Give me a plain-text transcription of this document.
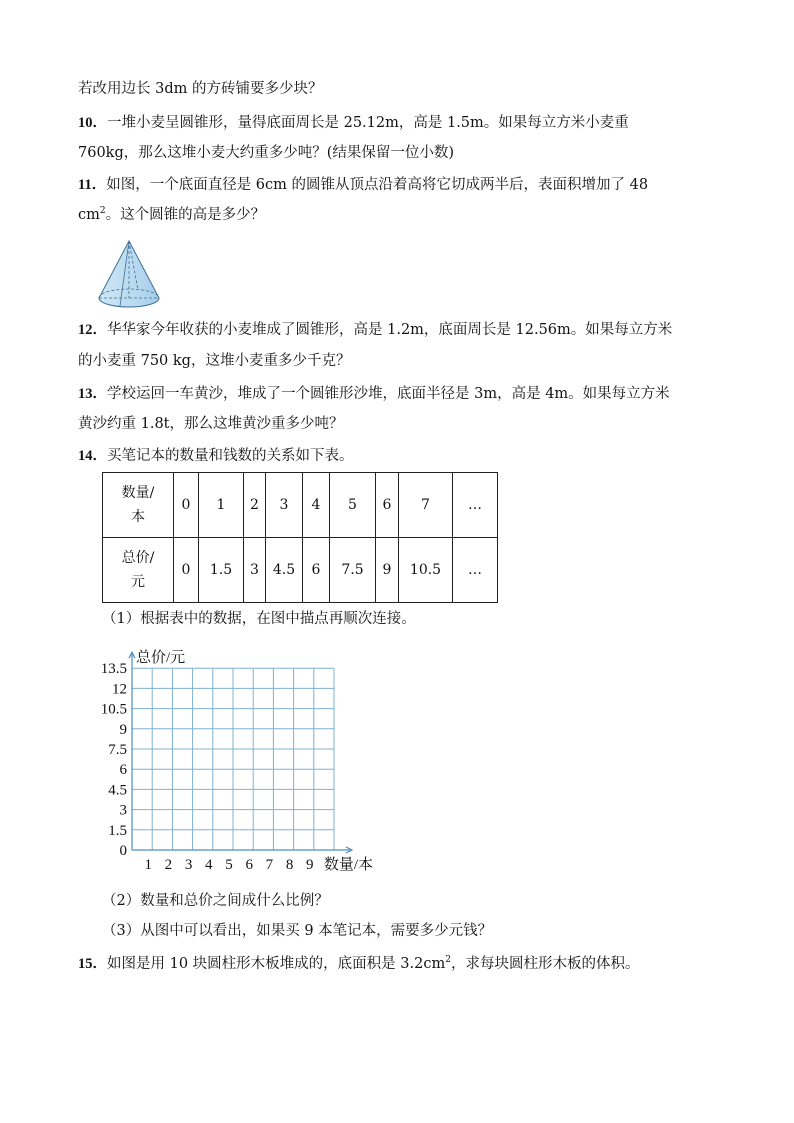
若改用边长 3dm 的方砖铺要多少块？
10．一堆小麦呈圆锥形，量得底面周长是 25.12m，高是 1.5m。如果每立方米小麦重
760kg，那么这堆小麦大约重多少吨？(结果保留一位小数)
11．如图，一个底面直径是 6cm 的圆锥从顶点沿着高将它切成两半后，表面积增加了 48
$cm^2$。这个圆锥的高是多少？
12．华华家今年收获的小麦堆成了圆锥形，高是 1.2m，底面周长是 12.56m。如果每立方米
的小麦重 750 kg，这堆小麦重多少千克？
13．学校运回一车黄沙，堆成了一个圆锥形沙堆，底面半径是 3m，高是 4m。如果每立方米
黄沙约重 1.8t，那么这堆黄沙重多少吨？
14．买笔记本的数量和钱数的关系如下表。
数量/
本	0	1	2	3	4	5	6	7	…
总价/
元	0	1.5	3	4.5	6	7.5	9	10.5	…
（1）根据表中的数据，在图中描点再顺次连接。
0
1.5
3
4.5
6
7.5
9
10.5
12
13.5
1 2 3 4 5 6 7 8 9
总价/元
数量/本
（2）数量和总价之间成什么比例？
（3）从图中可以看出，如果买 9 本笔记本，需要多少元钱？
15．如图是用 10 块圆柱形木板堆成的，底面积是 $3.2cm^2$，求每块圆柱形木板的体积。
